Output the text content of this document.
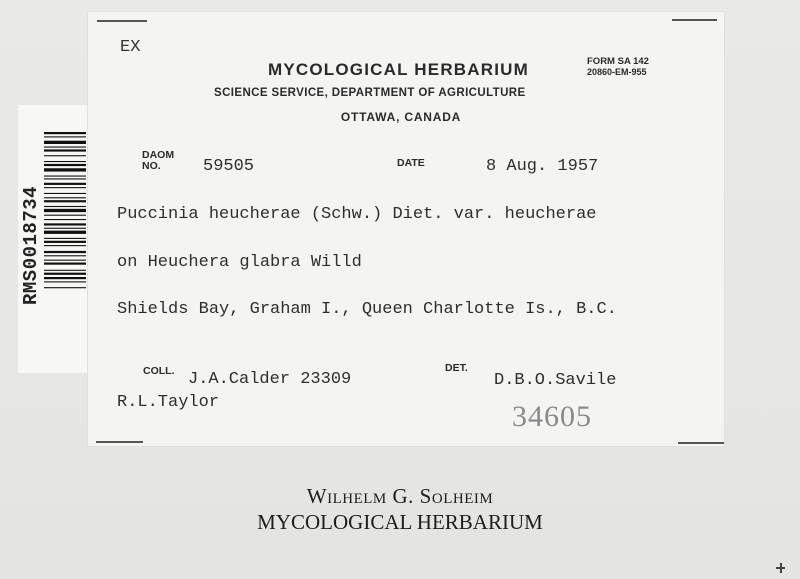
RMS0018734
EX
MYCOLOGICAL HERBARIUM	FORM SA 142
20860-EM-955
SCIENCE SERVICE, DEPARTMENT OF AGRICULTURE
OTTAWA, CANADA
DAOM
NO.	59505	DATE	8 Aug. 1957
Puccinia heucherae (Schw.) Diet. var. heucherae
on Heuchera glabra Willd
Shields Bay, Graham I., Queen Charlotte Is., B.C.
COLL. J.A.Calder 23309
R.L.Taylor
DET.
D.B.O.Savile
34605
Wilhelm G. Solheim
MYCOLOGICAL HERBARIUM
